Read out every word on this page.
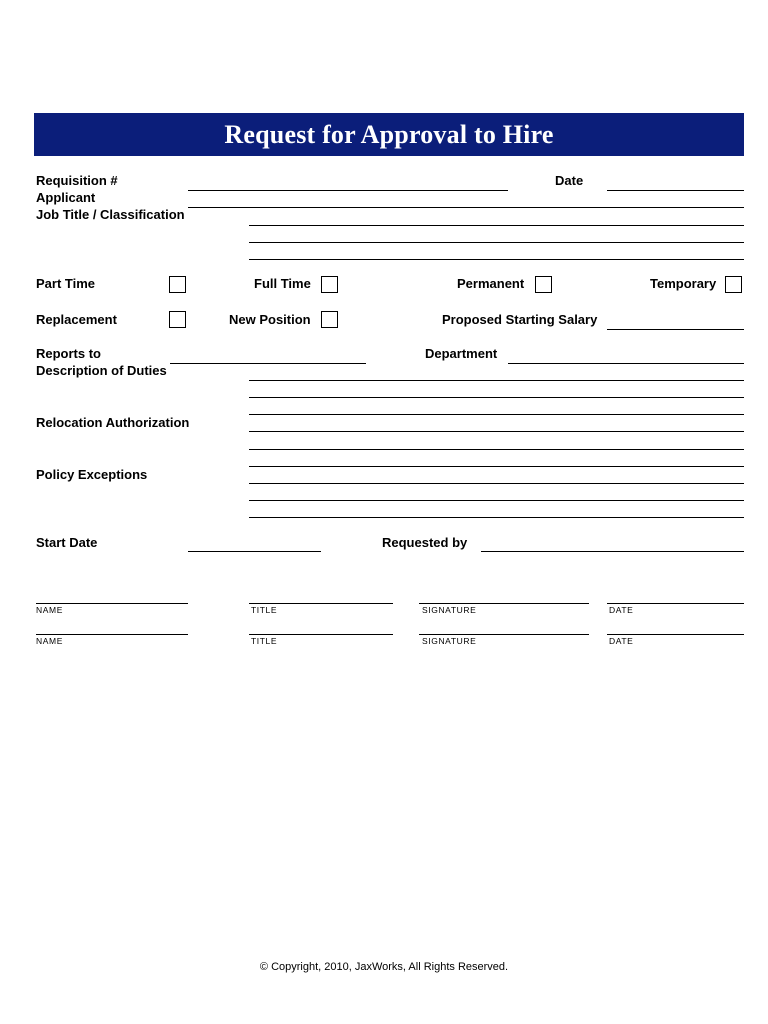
Request for Approval to Hire
Requisition #	Date
Applicant
Job Title / Classification
Part Time	Full Time	Permanent	Temporary
Replacement	New Position	Proposed Starting Salary
Reports to	Department
Description of Duties
Relocation Authorization
Policy Exceptions
Start Date	Requested by
NAME	TITLE	SIGNATURE	DATE
NAME	TITLE	SIGNATURE	DATE
© Copyright, 2010, JaxWorks, All Rights Reserved.
